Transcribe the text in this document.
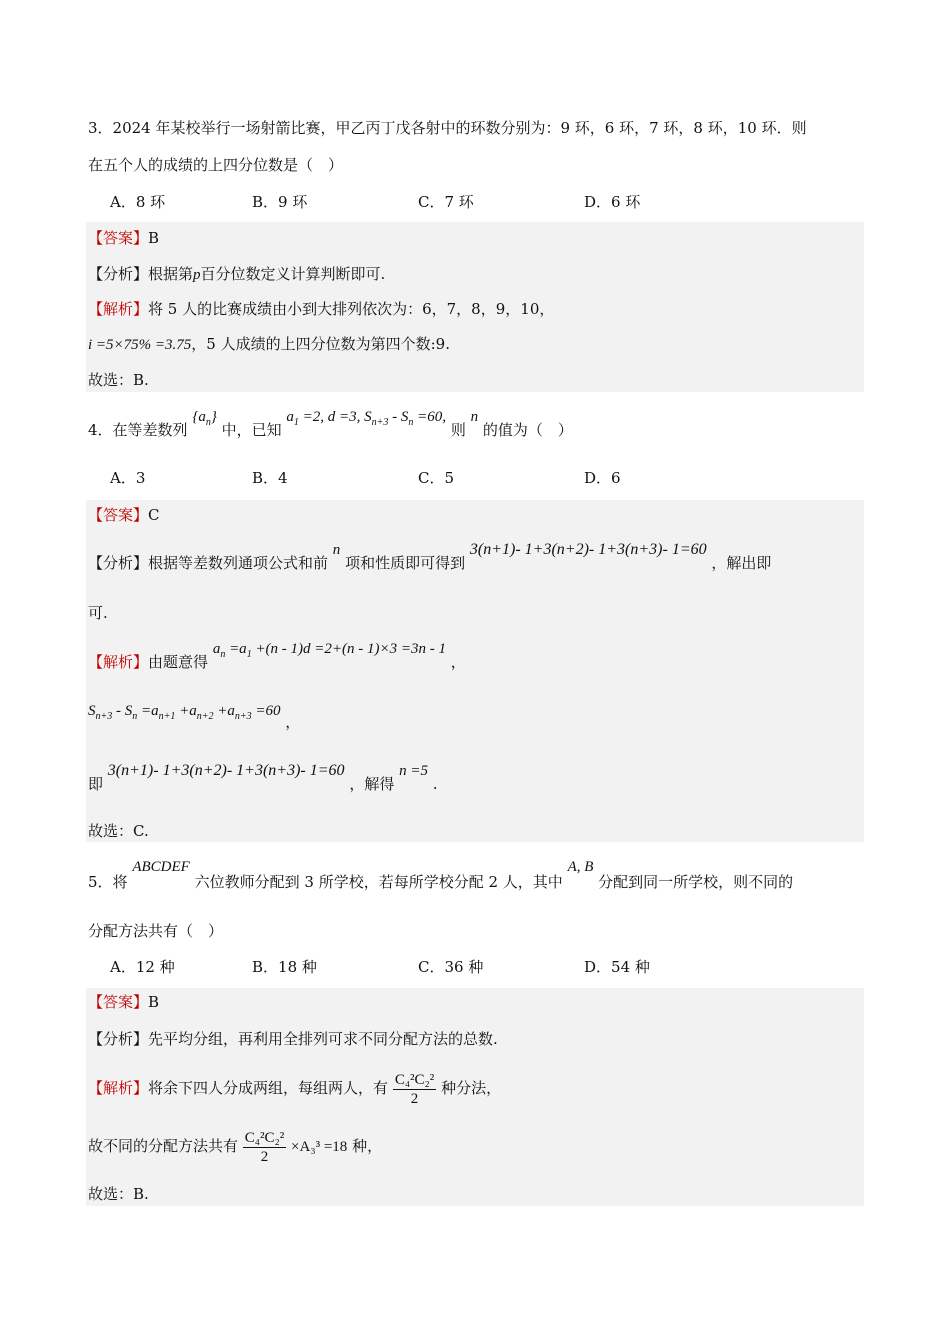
3．2024 年某校举行一场射箭比赛，甲乙丙丁戊各射中的环数分别为：9 环，6 环，7 环，8 环，10 环．则
在五个人的成绩的上四分位数是（　）
A．8 环	B．9 环	C．7 环	D．6 环
【答案】B
【分析】根据第p百分位数定义计算判断即可.
【解析】将 5 人的比赛成绩由小到大排列依次为：6，7，8，9，10，
i =5×75% =3.75，5 人成绩的上四分位数为第四个数:9.
故选：B.
4．在等差数列 $\{a_n\}$ 中，已知 $a_1 =2$, d =3, $S_{n+3} - S_n =60$, 则 n 的值为（　）
A．3	B．4	C．5	D．6
【答案】C
【分析】根据等差数列通项公式和前 n 项和性质即可得到 3(n+1)- 1+3(n+2)- 1+3(n+3)- 1=60 ，解出即
可.
【解析】由题意得 $a_n =a_1 +(n - 1)d =2+(n - 1)\times 3 =3n - 1$ ，
$S_{n+3} - S_n =a_{n+1} +a_{n+2} +a_{n+3} =60$ ，
即 3(n+1)- 1+3(n+2)- 1+3(n+3)- 1=60 ，解得 n =5 .
故选：C.
5．将 ABCDEF 六位教师分配到 3 所学校，若每所学校分配 2 人，其中 A, B 分配到同一所学校，则不同的
分配方法共有（　）
A．12 种	B．18 种	C．36 种	D．54 种
【答案】B
【分析】先平均分组，再利用全排列可求不同分配方法的总数.
【解析】将余下四人分成两组，每组两人，有 $\frac{\text{C₄²C₂²}}{2}$ 种分法，
故不同的分配方法共有 $\frac{\text{C₄²C₂²}}{2} \times A_3^3 =18$ 种，
故选：B.
